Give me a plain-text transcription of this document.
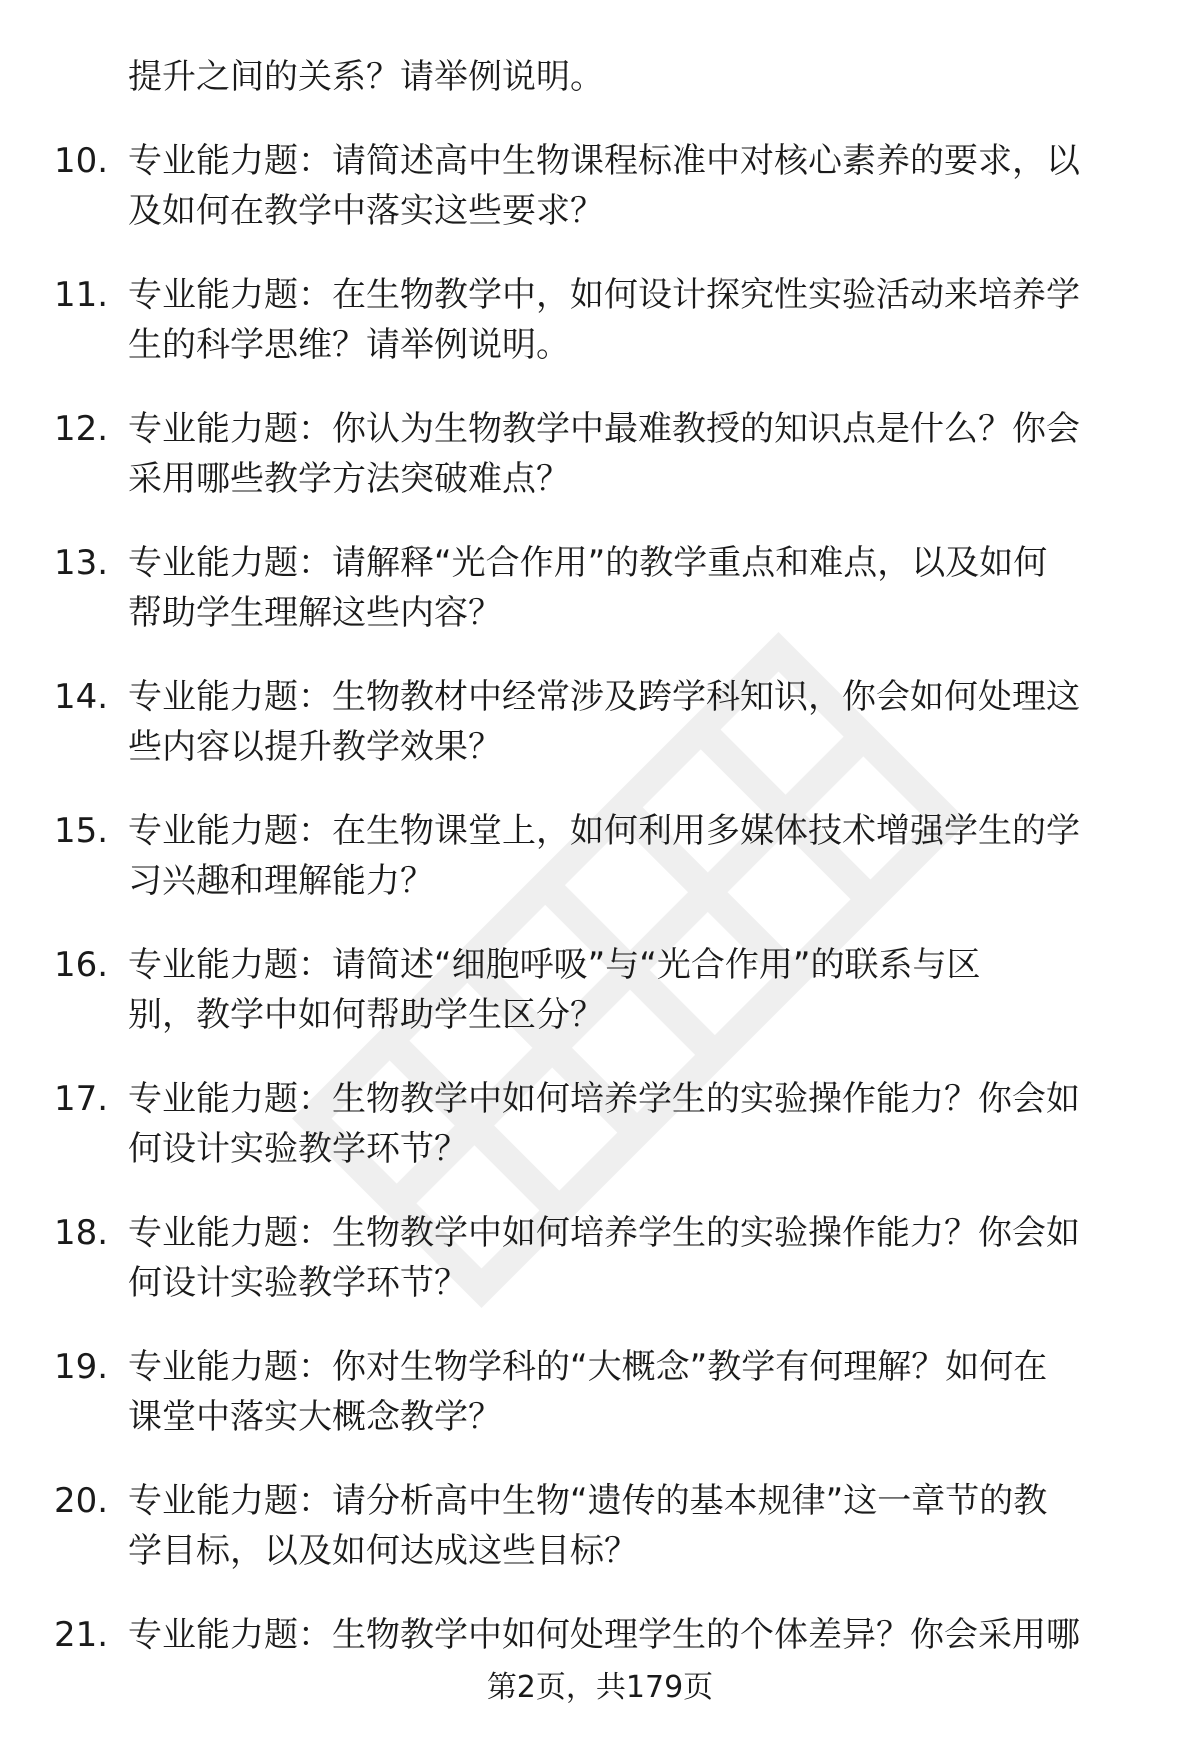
提升之间的关系？请举例说明。
10. 专业能力题：请简述高中生物课程标准中对核心素养的要求，以
及如何在教学中落实这些要求？
11. 专业能力题：在生物教学中，如何设计探究性实验活动来培养学
生的科学思维？请举例说明。
12. 专业能力题：你认为生物教学中最难教授的知识点是什么？你会
采用哪些教学方法突破难点？
13. 专业能力题：请解释“光合作用”的教学重点和难点，以及如何
帮助学生理解这些内容？
14. 专业能力题：生物教材中经常涉及跨学科知识，你会如何处理这
些内容以提升教学效果？
15. 专业能力题：在生物课堂上，如何利用多媒体技术增强学生的学
习兴趣和理解能力？
16. 专业能力题：请简述“细胞呼吸”与“光合作用”的联系与区
别，教学中如何帮助学生区分？
17. 专业能力题：生物教学中如何培养学生的实验操作能力？你会如
何设计实验教学环节？
18. 专业能力题：生物教学中如何培养学生的实验操作能力？你会如
何设计实验教学环节？
19. 专业能力题：你对生物学科的“大概念”教学有何理解？如何在
课堂中落实大概念教学？
20. 专业能力题：请分析高中生物“遗传的基本规律”这一章节的教
学目标，以及如何达成这些目标？
21. 专业能力题：生物教学中如何处理学生的个体差异？你会采用哪
第2页，共179页
